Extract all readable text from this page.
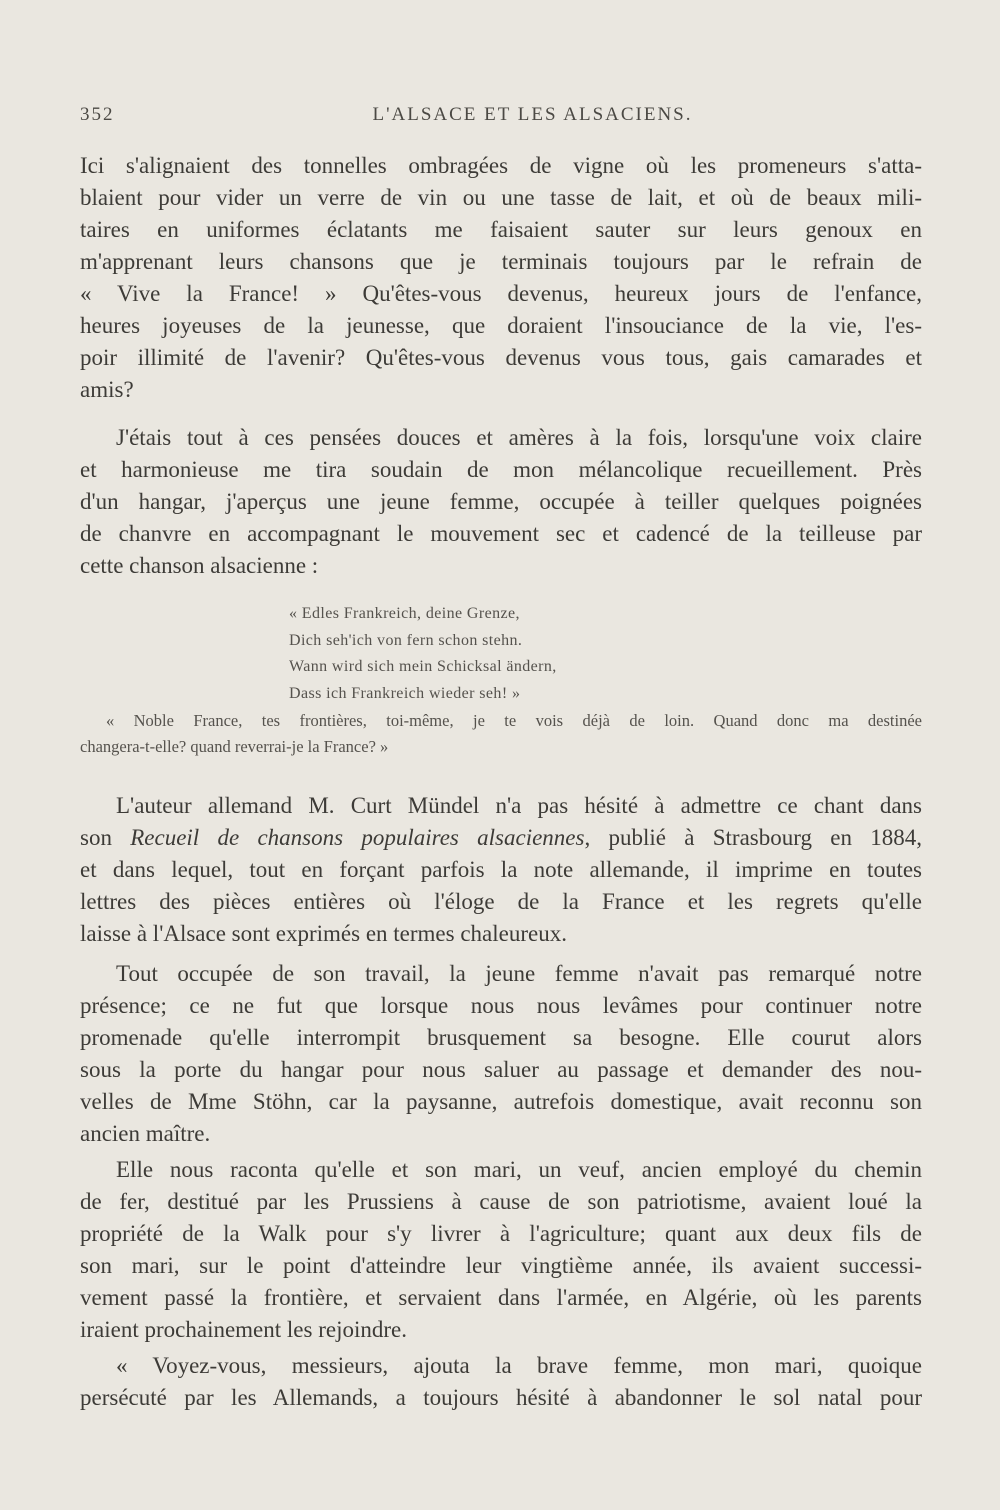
352	L'ALSACE ET LES ALSACIENS.
Ici s'alignaient des tonnelles ombragées de vigne où les promeneurs s'atta-
blaient pour vider un verre de vin ou une tasse de lait, et où de beaux mili-
taires en uniformes éclatants me faisaient sauter sur leurs genoux en
m'apprenant leurs chansons que je terminais toujours par le refrain de
« Vive la France! » Qu'êtes-vous devenus, heureux jours de l'enfance,
heures joyeuses de la jeunesse, que doraient l'insouciance de la vie, l'es-
poir illimité de l'avenir? Qu'êtes-vous devenus vous tous, gais camarades et
amis?
J'étais tout à ces pensées douces et amères à la fois, lorsqu'une voix claire
et harmonieuse me tira soudain de mon mélancolique recueillement. Près
d'un hangar, j'aperçus une jeune femme, occupée à teiller quelques poignées
de chanvre en accompagnant le mouvement sec et cadencé de la teilleuse par
cette chanson alsacienne :
« Edles Frankreich, deine Grenze,
Dich seh'ich von fern schon stehn.
Wann wird sich mein Schicksal ändern,
Dass ich Frankreich wieder seh! »
« Noble France, tes frontières, toi-même, je te vois déjà de loin. Quand donc ma destinée
changera-t-elle? quand reverrai-je la France? »
L'auteur allemand M. Curt Mündel n'a pas hésité à admettre ce chant dans
son Recueil de chansons populaires alsaciennes, publié à Strasbourg en 1884,
et dans lequel, tout en forçant parfois la note allemande, il imprime en toutes
lettres des pièces entières où l'éloge de la France et les regrets qu'elle
laisse à l'Alsace sont exprimés en termes chaleureux.
Tout occupée de son travail, la jeune femme n'avait pas remarqué notre
présence; ce ne fut que lorsque nous nous levâmes pour continuer notre
promenade qu'elle interrompit brusquement sa besogne. Elle courut alors
sous la porte du hangar pour nous saluer au passage et demander des nou-
velles de Mme Stöhn, car la paysanne, autrefois domestique, avait reconnu son
ancien maître.
Elle nous raconta qu'elle et son mari, un veuf, ancien employé du chemin
de fer, destitué par les Prussiens à cause de son patriotisme, avaient loué la
propriété de la Walk pour s'y livrer à l'agriculture; quant aux deux fils de
son mari, sur le point d'atteindre leur vingtième année, ils avaient successi-
vement passé la frontière, et servaient dans l'armée, en Algérie, où les parents
iraient prochainement les rejoindre.
« Voyez-vous, messieurs, ajouta la brave femme, mon mari, quoique
persécuté par les Allemands, a toujours hésité à abandonner le sol natal pour
